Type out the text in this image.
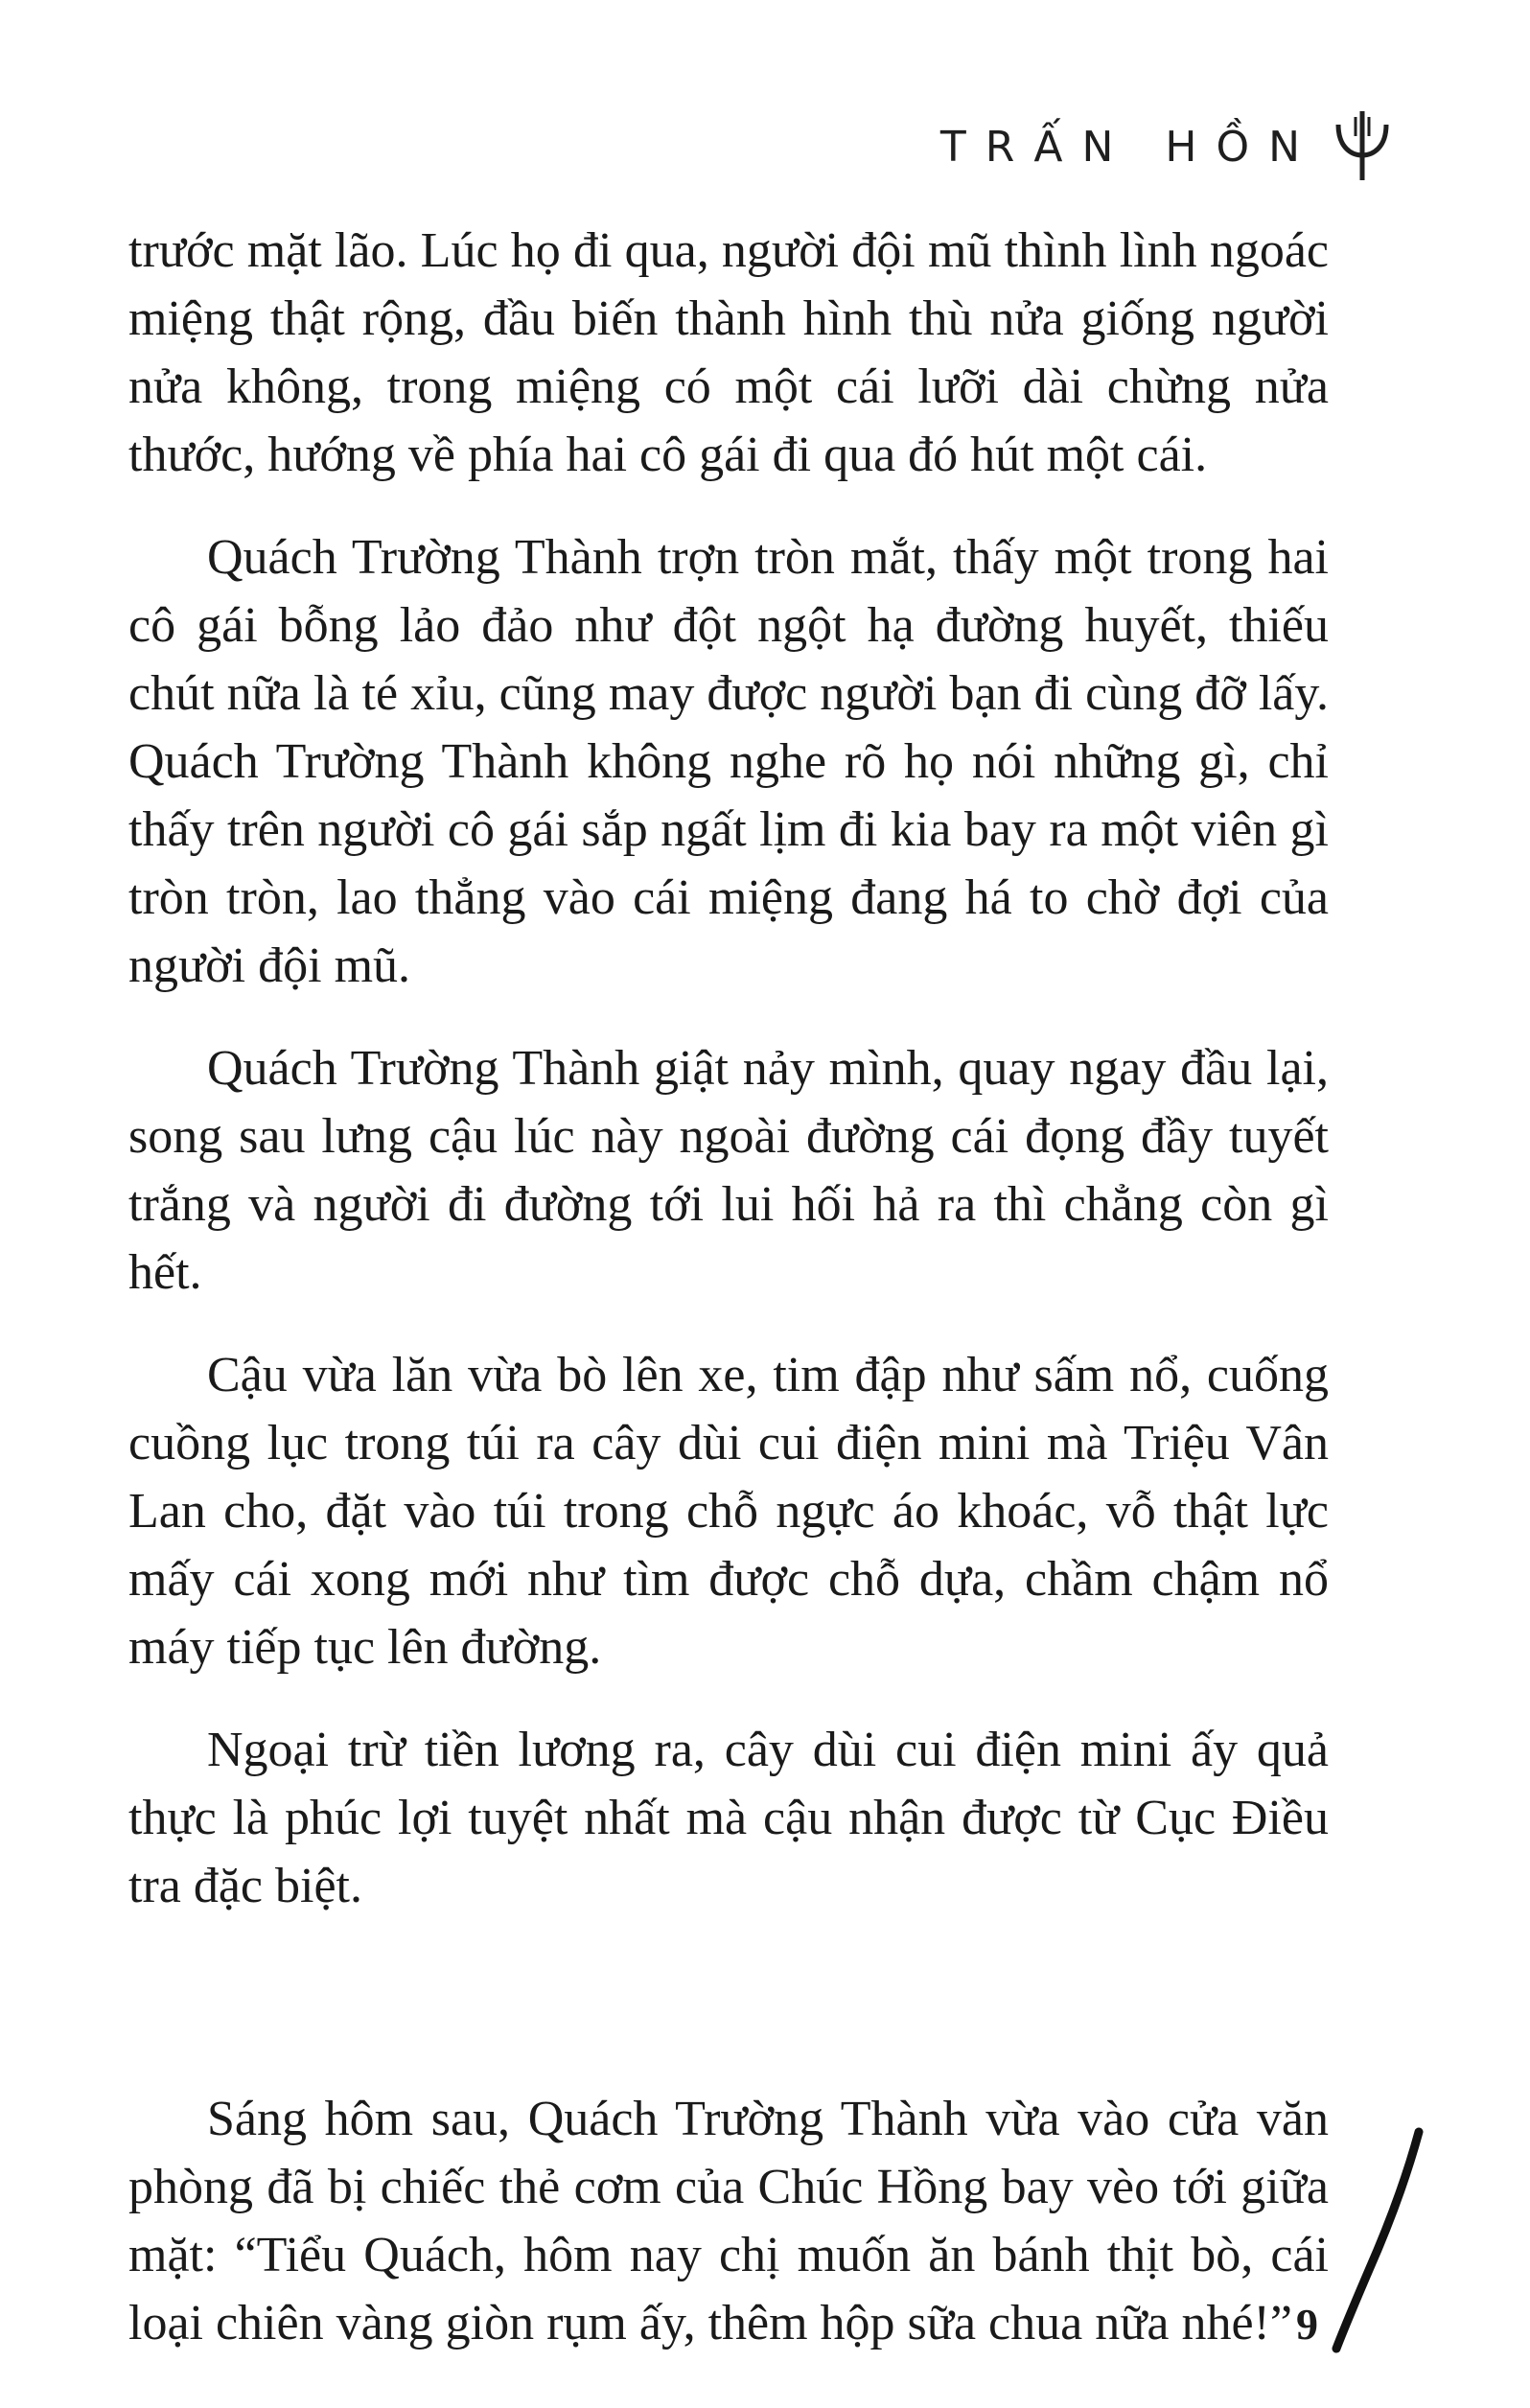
TRẤN HỒN

trước mặt lão. Lúc họ đi qua, người đội mũ thình lình ngoác miệng thật rộng, đầu biến thành hình thù nửa giống người nửa không, trong miệng có một cái lưỡi dài chừng nửa thước, hướng về phía hai cô gái đi qua đó hút một cái.

Quách Trường Thành trợn tròn mắt, thấy một trong hai cô gái bỗng lảo đảo như đột ngột hạ đường huyết, thiếu chút nữa là té xỉu, cũng may được người bạn đi cùng đỡ lấy. Quách Trường Thành không nghe rõ họ nói những gì, chỉ thấy trên người cô gái sắp ngất lịm đi kia bay ra một viên gì tròn tròn, lao thẳng vào cái miệng đang há to chờ đợi của người đội mũ.

Quách Trường Thành giật nảy mình, quay ngay đầu lại, song sau lưng cậu lúc này ngoài đường cái đọng đầy tuyết trắng và người đi đường tới lui hối hả ra thì chẳng còn gì hết.

Cậu vừa lăn vừa bò lên xe, tim đập như sấm nổ, cuống cuồng lục trong túi ra cây dùi cui điện mini mà Triệu Vân Lan cho, đặt vào túi trong chỗ ngực áo khoác, vỗ thật lực mấy cái xong mới như tìm được chỗ dựa, chầm chậm nổ máy tiếp tục lên đường.

Ngoại trừ tiền lương ra, cây dùi cui điện mini ấy quả thực là phúc lợi tuyệt nhất mà cậu nhận được từ Cục Điều tra đặc biệt.

Sáng hôm sau, Quách Trường Thành vừa vào cửa văn phòng đã bị chiếc thẻ cơm của Chúc Hồng bay vèo tới giữa mặt: “Tiểu Quách, hôm nay chị muốn ăn bánh thịt bò, cái loại chiên vàng giòn rụm ấy, thêm hộp sữa chua nữa nhé!” 9
